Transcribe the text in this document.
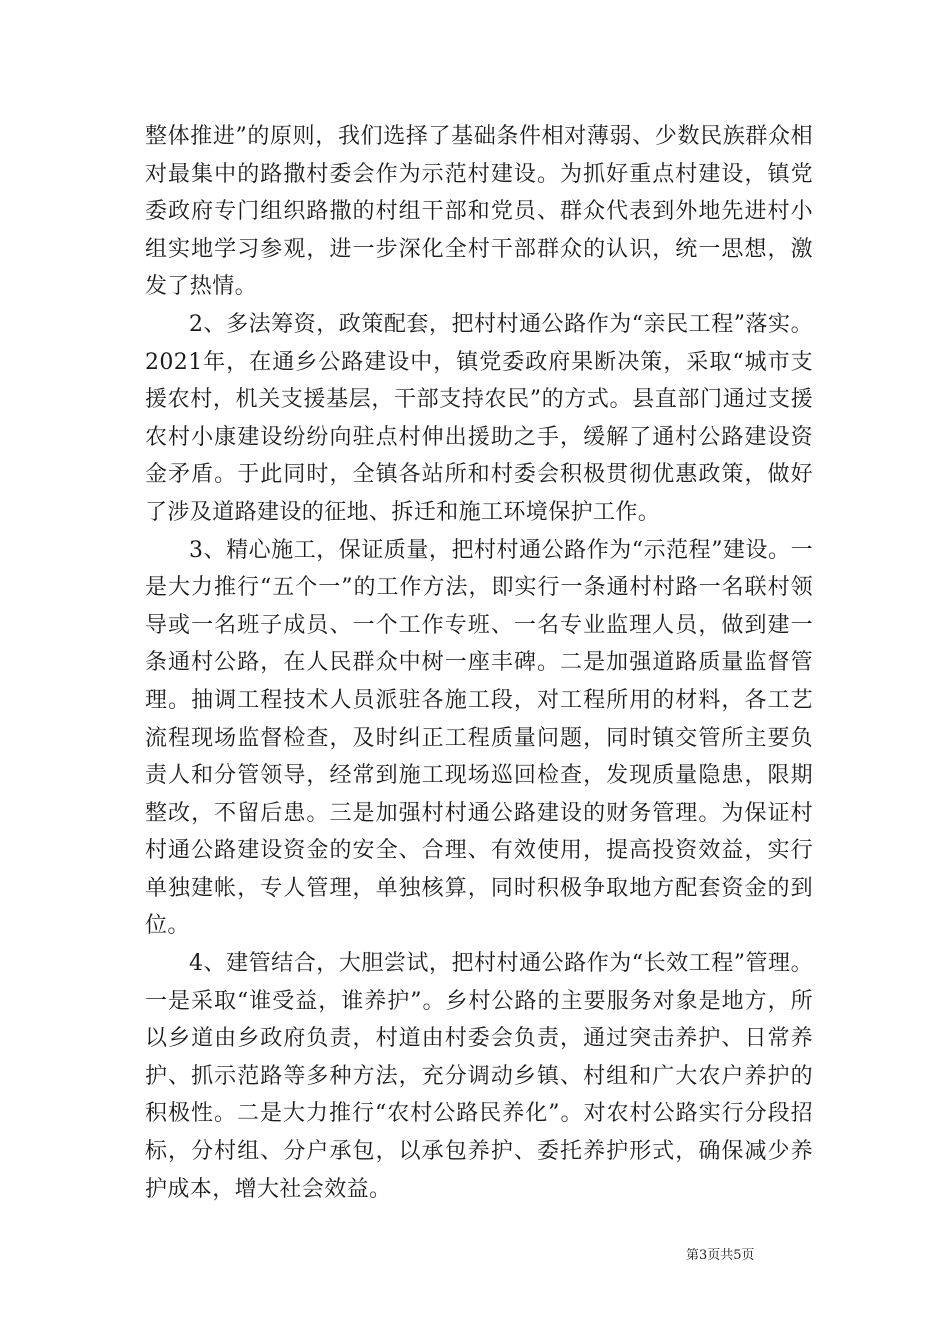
整体推进”的原则，我们选择了基础条件相对薄弱、少数民族群众相对最集中的路撒村委会作为示范村建设。为抓好重点村建设，镇党委政府专门组织路撒的村组干部和党员、群众代表到外地先进村小组实地学习参观，进一步深化全村干部群众的认识，统一思想，激发了热情。

2、多法筹资，政策配套，把村村通公路作为“亲民工程”落实。2021年，在通乡公路建设中，镇党委政府果断决策，采取“城市支援农村，机关支援基层，干部支持农民”的方式。县直部门通过支援农村小康建设纷纷向驻点村伸出援助之手，缓解了通村公路建设资金矛盾。于此同时，全镇各站所和村委会积极贯彻优惠政策，做好了涉及道路建设的征地、拆迁和施工环境保护工作。

3、精心施工，保证质量，把村村通公路作为“示范程”建设。一是大力推行“五个一”的工作方法，即实行一条通村村路一名联村领导或一名班子成员、一个工作专班、一名专业监理人员，做到建一条通村公路，在人民群众中树一座丰碑。二是加强道路质量监督管理。抽调工程技术人员派驻各施工段，对工程所用的材料，各工艺流程现场监督检查，及时纠正工程质量问题，同时镇交管所主要负责人和分管领导，经常到施工现场巡回检查，发现质量隐患，限期整改，不留后患。三是加强村村通公路建设的财务管理。为保证村村通公路建设资金的安全、合理、有效使用，提高投资效益，实行单独建帐，专人管理，单独核算，同时积极争取地方配套资金的到位。

4、建管结合，大胆尝试，把村村通公路作为“长效工程”管理。一是采取“谁受益，谁养护”。乡村公路的主要服务对象是地方，所以乡道由乡政府负责，村道由村委会负责，通过突击养护、日常养护、抓示范路等多种方法，充分调动乡镇、村组和广大农户养护的积极性。二是大力推行“农村公路民养化”。对农村公路实行分段招标，分村组、分户承包，以承包养护、委托养护形式，确保减少养护成本，增大社会效益。

第3页共5页
